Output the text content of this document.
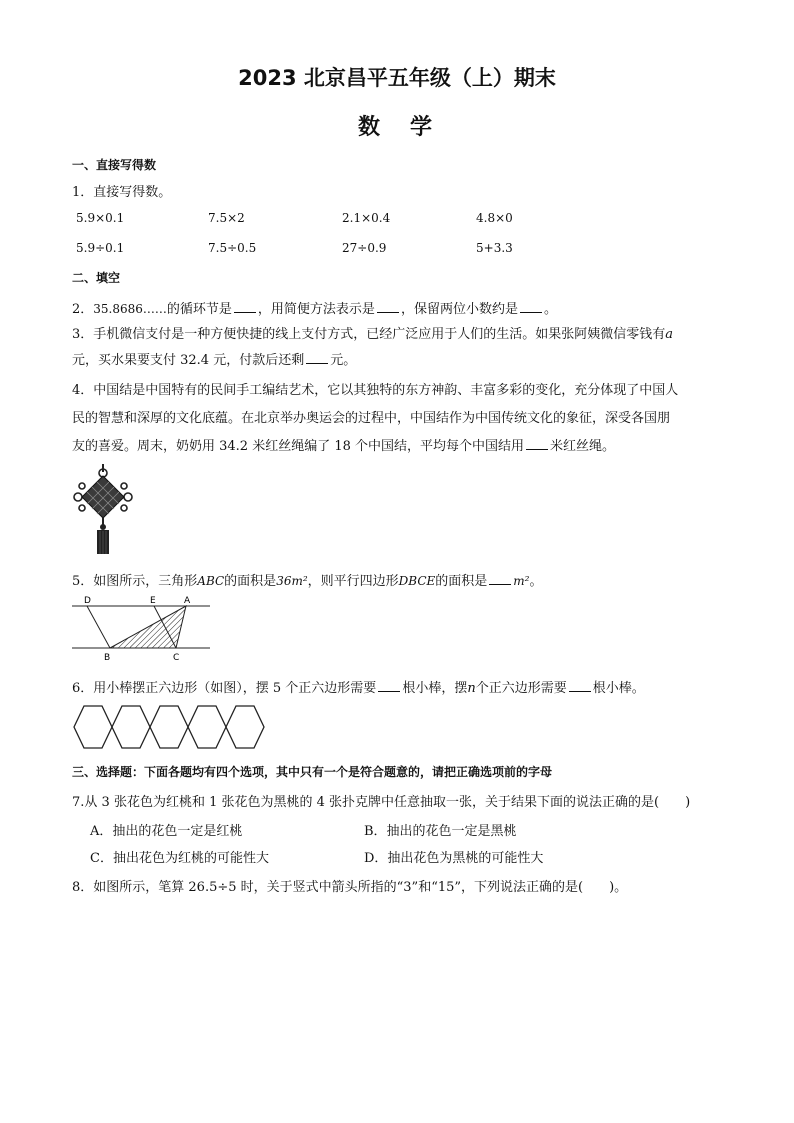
2023 北京昌平五年级（上）期末
数　学
一、直接写得数
1．直接写得数。
5.9×0.1	7.5×2	2.1×0.4	4.8×0
5.9÷0.1	7.5÷0.5	27÷0.9	5+3.3
二、填空
2．35.8686……的循环节是 ，用简便方法表示是 ，保留两位小数约是 。
3．手机微信支付是一种方便快捷的线上支付方式，已经广泛应用于人们的生活。如果张阿姨微信零钱有a
元，买水果要支付 32.4 元，付款后还剩 元。
4．中国结是中国特有的民间手工编结艺术，它以其独特的东方神韵、丰富多彩的变化，充分体现了中国人
民的智慧和深厚的文化底蕴。在北京举办奥运会的过程中，中国结作为中国传统文化的象征，深受各国朋
友的喜爱。周末，奶奶用 34.2 米红丝绳编了 18 个中国结，平均每个中国结用 米红丝绳。
5．如图所示，三角形ABC的面积是36m²，则平行四边形DBCE的面积是 m²。
D	E	A
B	C
6．用小棒摆正六边形（如图），摆 5 个正六边形需要 根小棒，摆n个正六边形需要 根小棒。
三、选择题：下面各题均有四个选项，其中只有一个是符合题意的，请把正确选项前的字母
7.从 3 张花色为红桃和 1 张花色为黑桃的 4 张扑克牌中任意抽取一张，关于结果下面的说法正确的是(　　)
A．抽出的花色一定是红桃	B．抽出的花色一定是黑桃
C．抽出花色为红桃的可能性大	D．抽出花色为黑桃的可能性大
8．如图所示，笔算 26.5÷5 时，关于竖式中箭头所指的“3”和“15”，下列说法正确的是(　　)。
